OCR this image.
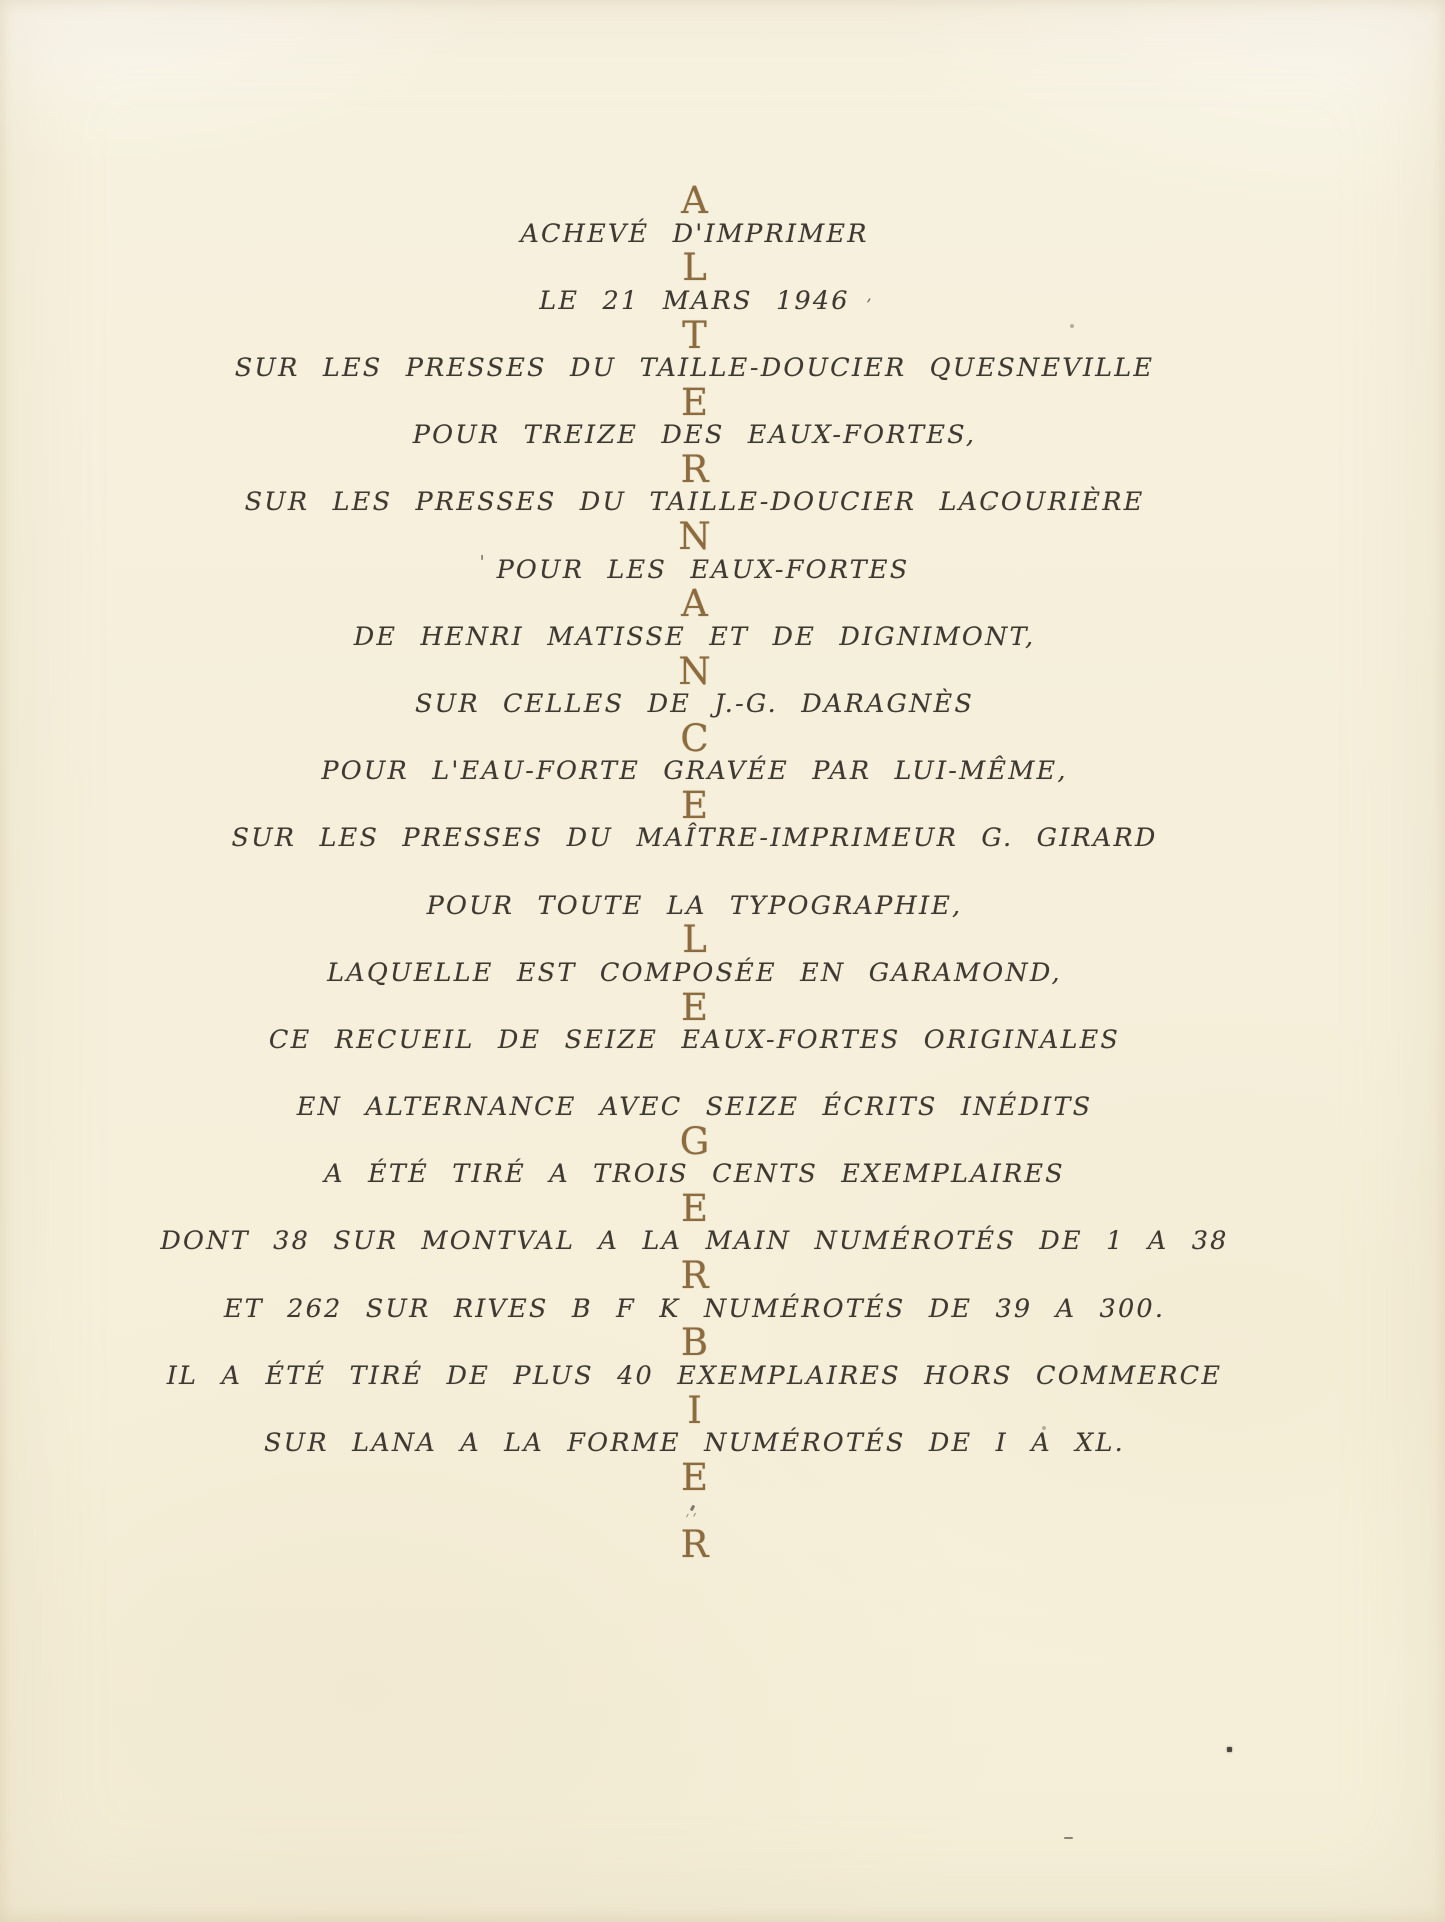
A
ACHEVÉ D'IMPRIMER
L
LE 21 MARS 1946
T
SUR LES PRESSES DU TAILLE-DOUCIER QUESNEVILLE
E
POUR TREIZE DES EAUX-FORTES,
R
SUR LES PRESSES DU TAILLE-DOUCIER LACOURIÈRE
N
' POUR LES EAUX-FORTES
A
DE HENRI MATISSE ET DE DIGNIMONT,
N
SUR CELLES DE J.-G. DARAGNÈS
C
POUR L'EAU-FORTE GRAVÉE PAR LUI-MÊME,
E
SUR LES PRESSES DU MAÎTRE-IMPRIMEUR G. GIRARD
POUR TOUTE LA TYPOGRAPHIE,
L
LAQUELLE EST COMPOSÉE EN GARAMOND,
E
CE RECUEIL DE SEIZE EAUX-FORTES ORIGINALES
EN ALTERNANCE AVEC SEIZE ÉCRITS INÉDITS
G
A ÉTÉ TIRÉ A TROIS CENTS EXEMPLAIRES
E
DONT 38 SUR MONTVAL A LA MAIN NUMÉROTÉS DE 1 A 38
R
ET 262 SUR RIVES B F K NUMÉROTÉS DE 39 A 300.
B
IL A ÉTÉ TIRÉ DE PLUS 40 EXEMPLAIRES HORS COMMERCE
I
SUR LANA A LA FORME NUMÉROTÉS DE I A XL.
E
R
’
